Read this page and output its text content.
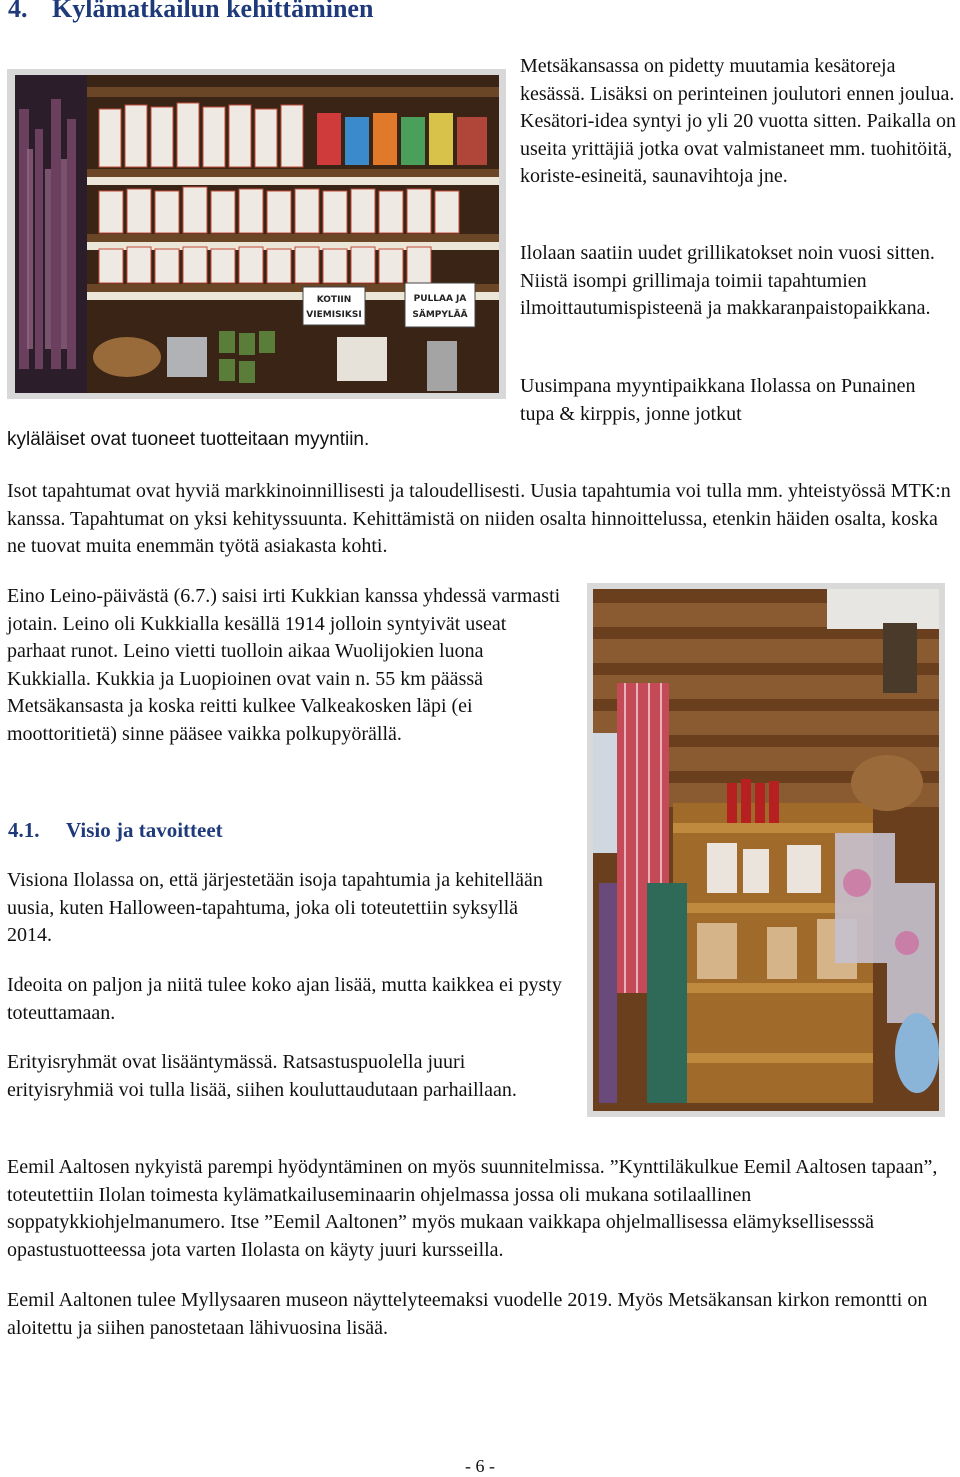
4. Kylämatkailun kehittäminen
KOTIIN
VIEMISIKSI
PULLAA JA
SÄMPYLÄÄ

kyläläiset ovat tuoneet tuotteitaan myyntiin.

Metsäkansassa on pidetty muutamia kesätoreja kesässä. Lisäksi on perinteinen joulutori ennen joulua. Kesätori-idea syntyi jo yli 20 vuotta sitten. Paikalla on useita yrittäjiä jotka ovat valmistaneet mm. tuohitöitä, koriste-esineitä, saunavihtoja jne.

Ilolaan saatiin uudet grillikatokset noin vuosi sitten. Niistä isompi grillimaja toimii tapahtumien ilmoittautumispisteenä ja makkaranpaistopaikkana.

Uusimpana myyntipaikkana Ilolassa on Punainen tupa & kirppis, jonne jotkut

Isot tapahtumat ovat hyviä markkinoinnillisesti ja taloudellisesti. Uusia tapahtumia voi tulla mm. yhteistyössä MTK:n kanssa. Tapahtumat on yksi kehityssuunta. Kehittämistä on niiden osalta hinnoittelussa, etenkin häiden osalta, koska ne tuovat muita enemmän työtä asiakasta kohti.

Eino Leino-päivästä (6.7.) saisi irti Kukkian kanssa yhdessä varmasti jotain. Leino oli Kukkialla kesällä 1914 jolloin syntyivät useat parhaat runot. Leino vietti tuolloin aikaa Wuolijokien luona Kukkialla. Kukkia ja Luopioinen ovat vain n. 55 km päässä Metsäkansasta ja koska reitti kulkee Valkeakosken läpi (ei moottoritietä) sinne pääsee vaikka polkupyörällä.

4.1. Visio ja tavoitteet

Visiona Ilolassa on, että järjestetään isoja tapahtumia ja kehitellään uusia, kuten Halloween-tapahtuma, joka oli toteutettiin syksyllä 2014.

Ideoita on paljon ja niitä tulee koko ajan lisää, mutta kaikkea ei pysty toteuttamaan.

Erityisryhmät ovat lisääntymässä. Ratsastuspuolella juuri erityisryhmiä voi tulla lisää, siihen kouluttaudutaan parhaillaan.

Eemil Aaltosen nykyistä parempi hyödyntäminen on myös suunnitelmissa. ”Kynttiläkulkue Eemil Aaltosen tapaan”, toteutettiin Ilolan toimesta kylämatkailuseminaarin ohjelmassa jossa oli mukana sotilaallinen soppatykkiohjelmanumero. Itse ”Eemil Aaltonen” myös mukaan vaikkapa ohjelmallisessa elämyksellisesssä opastustuotteessa jota varten Ilolasta on käyty juuri kursseilla.

Eemil Aaltonen tulee Myllysaaren museon näyttelyteemaksi vuodelle 2019. Myös Metsäkansan kirkon remontti on aloitettu ja siihen panostetaan lähivuosina lisää.

- 6 -
